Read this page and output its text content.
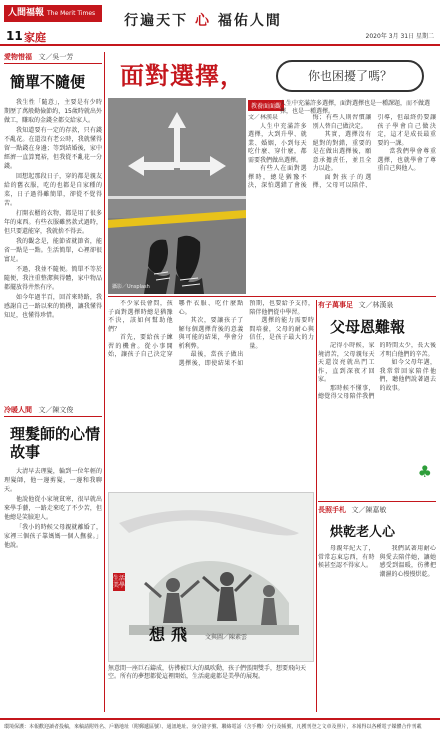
人間福報 The Merit Times
11 家庭
行遍天下 心 福佑人間
2020年 3月 31日 星期二
愛物惜福 文／吳一芳
簡單不隨便

我生性「隨意」，主要是有少時期歷了萬般勤儉節約，15歲時就出外做工，賺取的金錢全都交給家人。

我知道要有一定的存款，只有錢不亂花。在還沒有老公時，我就懂得留一點錢在身邊；等到結婚後，家中經濟一直算寬裕，但我從不亂花一分錢。

回想起那段日子，穿的都是親友給的舊衣服，吃的也都是自家種的菜，日子過得雖簡單，卻從不覺得苦。

打開衣櫃的衣物，都是用了很多年的東西。有些衣服雖然款式過時，但只要還能穿，我就捨不得丟。

我的觀念是，能節省就節省，能省一點是一點。生活簡單，心裡卻很富足。

不過，我並不隨便。簡單不等於隨便，我注重整潔與得體，家中物品都擺放得井然有序。

如今年過半百，回首來時路，我感謝自己一路以來的簡樸，讓我懂得知足，也懂得珍惜。

冷暖人間 文／陳文俊
理髮師的心情故事

大清早去理髮，輪到一位年輕的理髮師，他一邊剪髮，一邊和我聊天。

他說他從小家境貧寒，很早就出來學手藝，一路走來吃了不少苦，但他總是笑臉迎人。

「我小的時候父母親就離婚了，家裡三個孩子靠媽媽一個人撫養。」他說。

面對選擇，	你也困擾了嗎？
攝影／Unsplash
教養面面觀
人生中充滿許多選擇，面對選擇也是一種課題，而不做選擇，也是一種選擇。
文／林漢泉

人生中充滿許多選擇，大到升學、就業、婚姻，小到每天吃什麼、穿什麼，都需要我們做出選擇。

有些人在面對選擇時，總是猶豫不決，深怕選錯了會後悔；有些人則習慣讓別人替自己做決定。

其實，選擇沒有絕對的對錯，重要的是在做出選擇後，願意承擔責任，並且全力以赴。

面對孩子的選擇，父母可以陪伴、引導，但最終仍要讓孩子學會自己做決定，這才是成長最重要的一課。

當我們學會尊重選擇，也就學會了尊重自己與他人。

不少家長會問，孩子面對選擇時總是猶豫不決，該如何幫助他們？

首先，要給孩子練習的機會。從小事開始，讓孩子自己決定穿哪件衣服、吃什麼點心。

其次，要讓孩子了解每個選擇背後的意義與可能的結果，學會分析利弊。

最後，當孩子做出選擇後，即使結果不如預期，也要給予支持，陪伴他們從中學習。

選擇的能力需要時間培養，父母的耐心與信任，是孩子最大的力量。

生活美學
想飛 文與圖／陳素雲
無意間一座巨石鑄成，彷彿被巨大的風吹動，孩子們張開雙手，想要飛向天空。所有的夢想都從這裡開始，生活處處都是美學的展現。
有子萬事足 文／林漢泉
父母恩難報

記得小時候，家境清苦，父母親每天天還沒亮就出門工作，直到深夜才回家。

那時候不懂事，總覺得父母陪伴我們的時間太少，長大後才明白他們的辛苦。

如今父母年邁，我常常回家陪伴他們，聽他們說著過去的故事。

♣
長照手札 文／陳嘉敏
烘乾老人心

母親年紀大了，常常忘東忘西，有時候甚至認不得家人。

我們試著用耐心與愛去陪伴她，讓她感受到溫暖，彷彿把潮濕的心慢慢烘乾。

環境保護：本報歡迎讀者投稿，來稿請附姓名、戶籍地址（附郵遞區號）、通訊地址、身分證字號、聯絡電話（含手機）分行及帳號，凡獲刊登之文章及照片，本報得以各種電子媒體合作刊載
